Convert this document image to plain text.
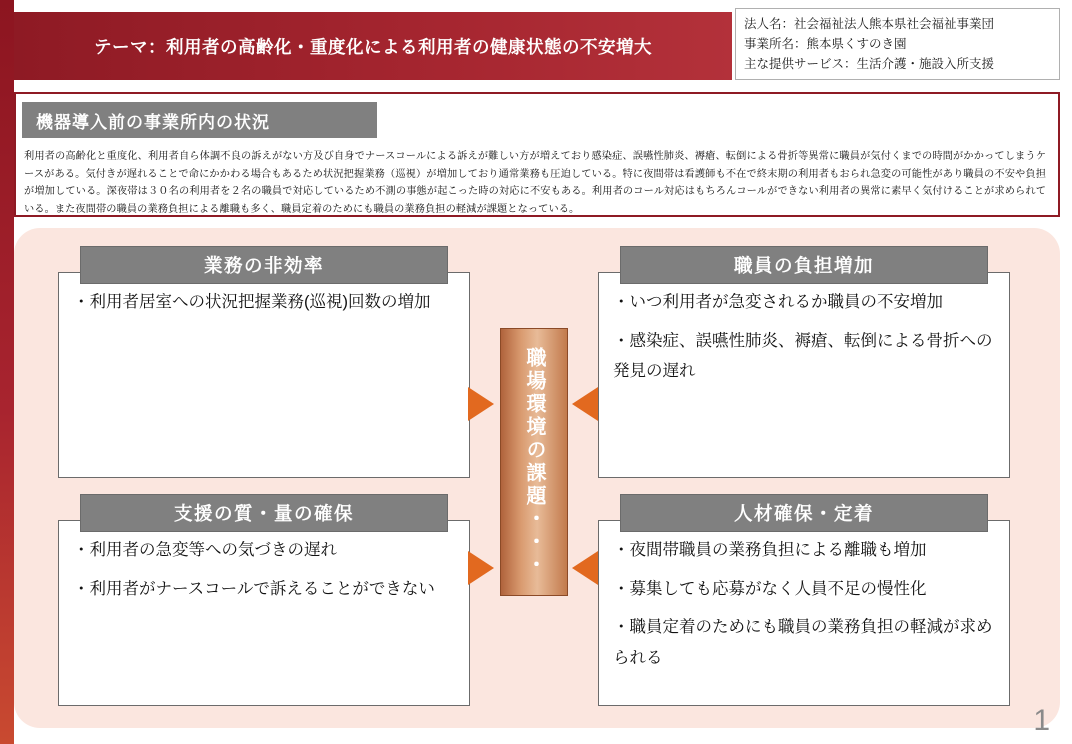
テーマ：利用者の高齢化・重度化による利用者の健康状態の不安増大
法人名：社会福祉法人熊本県社会福祉事業団
事業所名：熊本県くすのき園
主な提供サービス：生活介護・施設入所支援
機器導入前の事業所内の状況
利用者の高齢化と重度化、利用者自ら体調不良の訴えがない方及び自身でナースコールによる訴えが難しい方が増えており感染症、誤嚥性肺炎、褥瘡、転倒による骨折等異常に職員が気付くまでの時間がかかってしまうケースがある。気付きが遅れることで命にかかわる場合もあるため状況把握業務（巡視）が増加しており通常業務も圧迫している。特に夜間帯は看護師も不在で終末期の利用者もおられ急変の可能性があり職員の不安や負担が増加している。深夜帯は３０名の利用者を２名の職員で対応しているため不測の事態が起こった時の対応に不安もある。利用者のコール対応はもちろんコールができない利用者の異常に素早く気付けることが求められている。また夜間帯の職員の業務負担による離職も多く、職員定着のためにも職員の業務負担の軽減が課題となっている。

・利用者居室への状況把握業務(巡視)回数の増加

業務の非効率

・いつ利用者が急変されるか職員の不安増加

・感染症、誤嚥性肺炎、褥瘡、転倒による骨折への発見の遅れ

職員の負担増加

・利用者の急変等への気づきの遅れ

・利用者がナースコールで訴えることができない

支援の質・量の確保

・夜間帯職員の業務負担による離職も増加

・募集しても応募がなく人員不足の慢性化

・職員定着のためにも職員の業務負担の軽減が求められる

人材確保・定着
職場環境の課題・・・
1
